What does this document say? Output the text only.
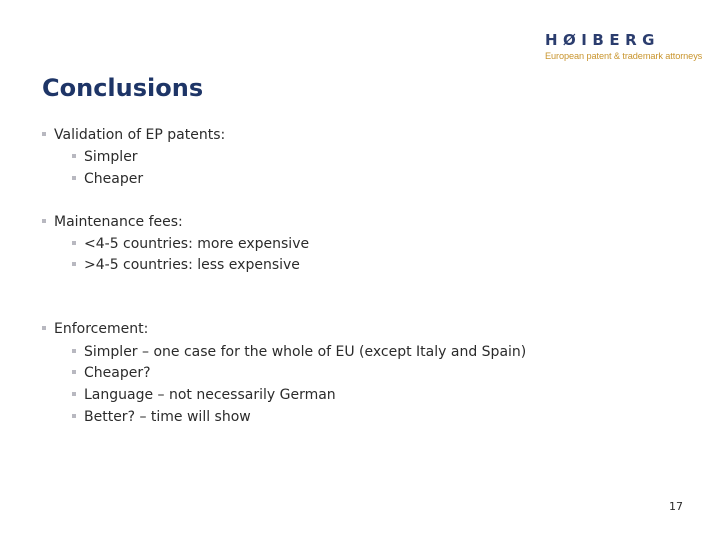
HØIBERG
European patent & trademark attorneys
Conclusions
Validation of EP patents:
Simpler
Cheaper
Maintenance fees:
<4-5 countries: more expensive
>4-5 countries: less expensive
Enforcement:
Simpler – one case for the whole of EU (except Italy and Spain)
Cheaper?
Language – not necessarily German
Better? – time will show
17
